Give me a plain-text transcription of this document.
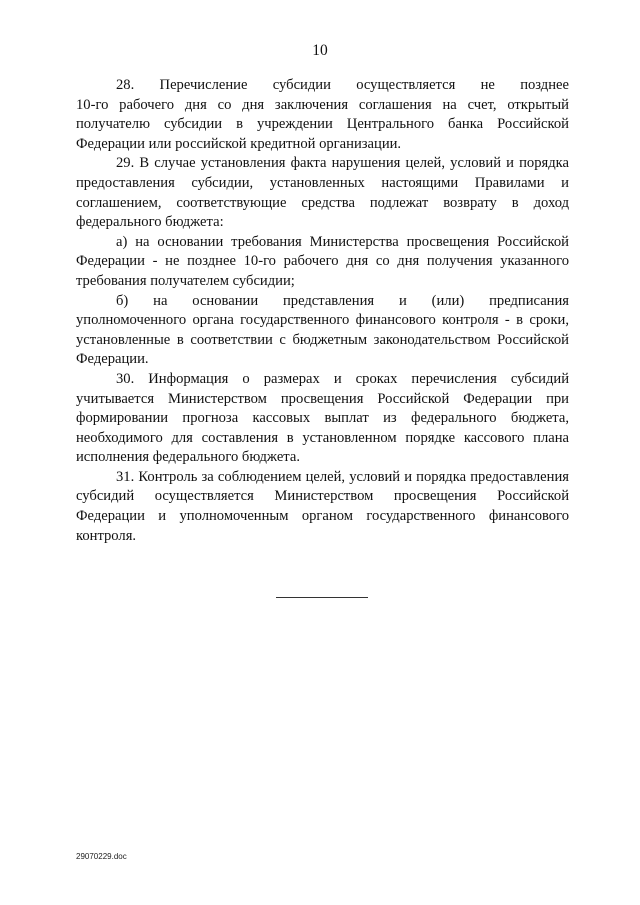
10

28. Перечисление субсидии осуществляется не позднее

10-го рабочего дня со дня заключения соглашения на счет, открытый получателю субсидии в учреждении Центрального банка Российской Федерации или российской кредитной организации.

29. В случае установления факта нарушения целей, условий и порядка предоставления субсидии, установленных настоящими Правилами и соглашением, соответствующие средства подлежат возврату в доход федерального бюджета:

а) на основании требования Министерства просвещения Российской Федерации - не позднее 10-го рабочего дня со дня получения указанного требования получателем субсидии;

б) на основании представления и (или) предписания

уполномоченного органа государственного финансового контроля - в сроки, установленные в соответствии с бюджетным законодательством Российской Федерации.

30. Информация о размерах и сроках перечисления субсидий учитывается Министерством просвещения Российской Федерации при формировании прогноза кассовых выплат из федерального бюджета, необходимого для составления в установленном порядке кассового плана исполнения федерального бюджета.

31. Контроль за соблюдением целей, условий и порядка предоставления субсидий осуществляется Министерством просвещения Российской Федерации и уполномоченным органом государственного финансового контроля.

29070229.doc
